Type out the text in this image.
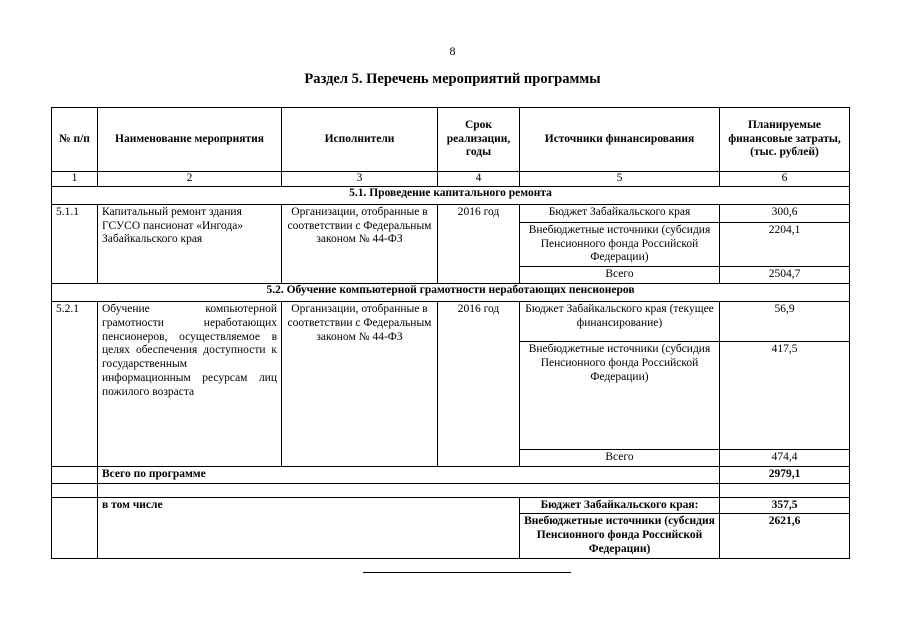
8
Раздел 5. Перечень мероприятий программы
№ п/п	Наименование мероприятия	Исполнители	Срок реализации, годы	Источники финансирования	Планируемые финансовые затраты, (тыс. рублей)
1	2	3	4	5	6
5.1. Проведение капитального ремонта					
5.1.1	Капитальный ремонт здания ГСУСО пансионат «Ингода» Забайкальского края	Организации, отобранные в соответствии с Федеральным законом № 44-ФЗ	2016 год	Бюджет Забайкальского края	300,6
				Внебюджетные источники (субсидия Пенсионного фонда Российской Федерации)	2204,1
				Всего	2504,7
5.2. Обучение компьютерной грамотности неработающих пенсионеров					
5.2.1	Обучение компьютерной грамотности неработающих пенсионеров, осуществляемое в целях обеспечения доступности к государственным информационным ресурсам лиц пожилого возраста	Организации, отобранные в соответствии с Федеральным законом № 44-ФЗ	2016 год	Бюджет Забайкальского края (текущее финансирование)	56,9
				Внебюджетные источники (субсидия Пенсионного фонда Российской Федерации)	417,5
				Всего	474,4
	Всего по программе				2979,1

	в том числе			Бюджет Забайкальского края:	357,5
				Внебюджетные источники (субсидия Пенсионного фонда Российской Федерации)	2621,6
